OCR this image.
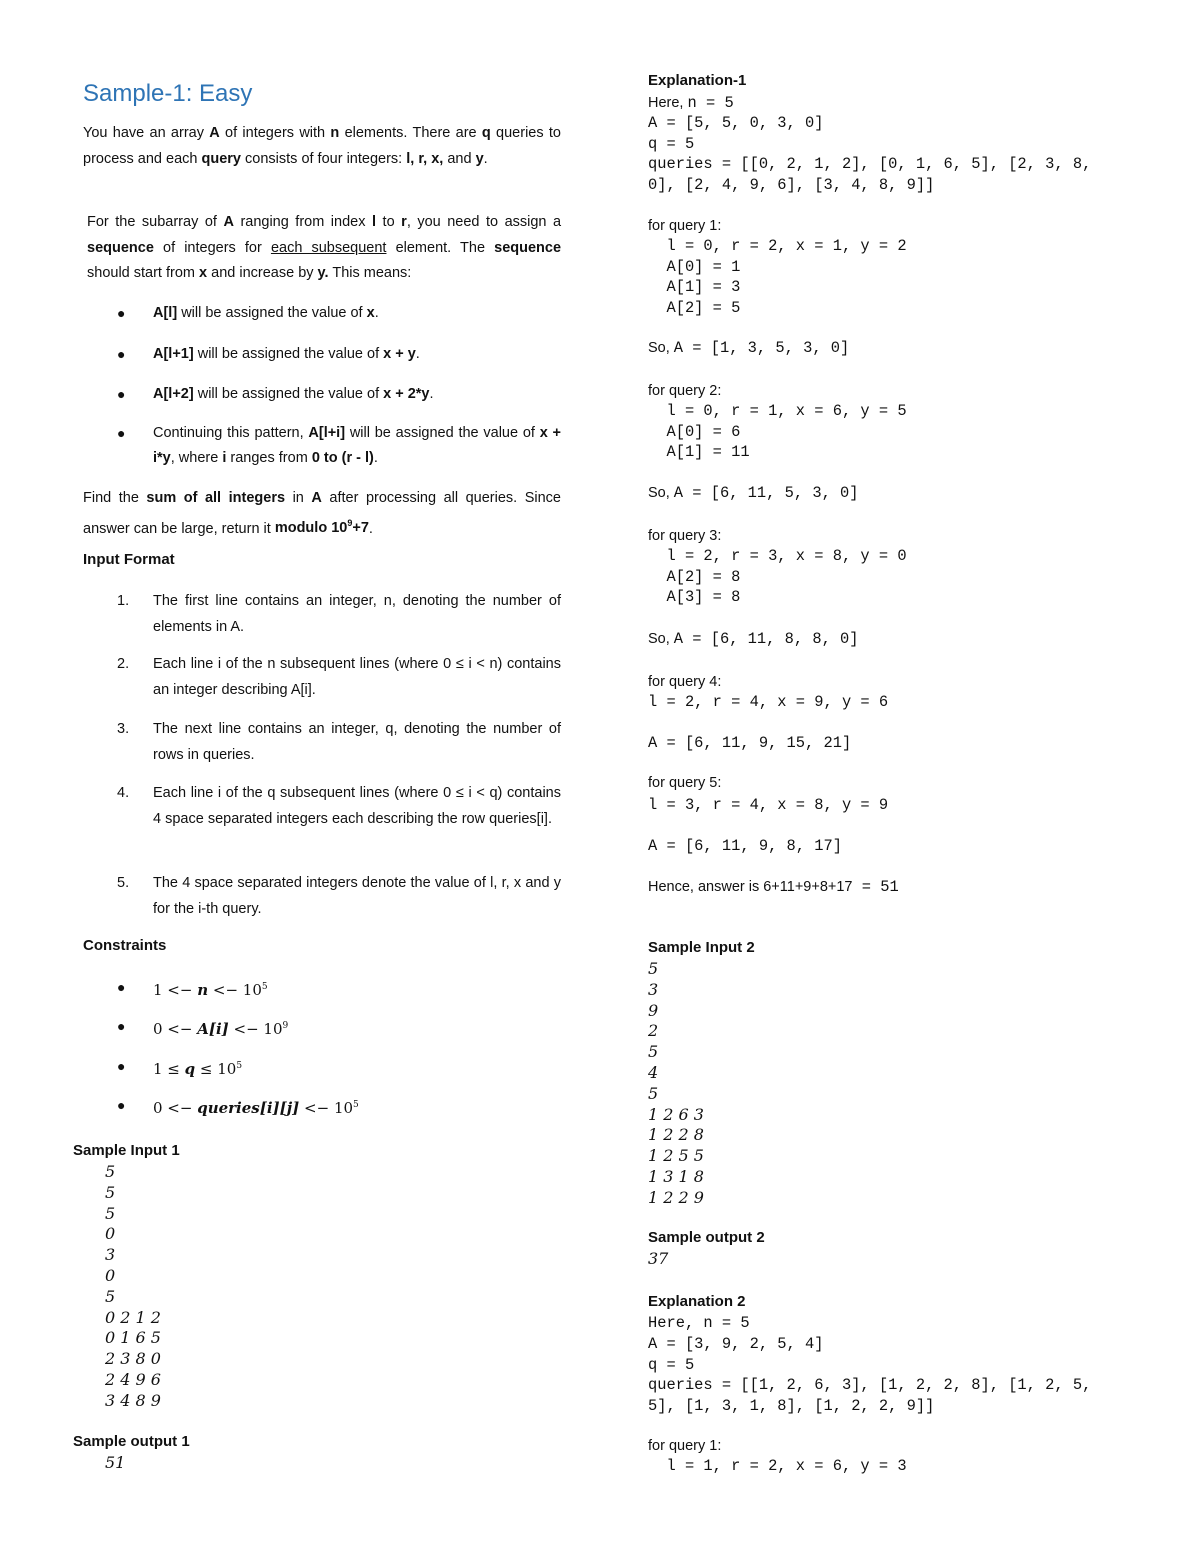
Sample-1: Easy
You have an array A of integers with n elements. There are q queries to process and each query consists of four integers: l, r, x, and y.
For the subarray of A ranging from index l to r, you need to assign a sequence of integers for each subsequent element. The sequence should start from x and increase by y. This means:
● A[l] will be assigned the value of x.
● A[l+1] will be assigned the value of x + y.
● A[l+2] will be assigned the value of x + 2*y.
● Continuing this pattern, A[l+i] will be assigned the value of x + i*y, where i ranges from 0 to (r - l).
Find the sum of all integers in A after processing all queries. Since answer can be large, return it modulo $10^9+7$.
Input Format
1. The first line contains an integer, n, denoting the number of elements in A.
2. Each line i of the n subsequent lines (where 0 ≤ i < n) contains an integer describing A[i].
3. The next line contains an integer, q, denoting the number of rows in queries.
4. Each line i of the q subsequent lines (where 0 ≤ i < q) contains 4 space separated integers each describing the row queries[i].
5. The 4 space separated integers denote the value of l, r, x and y for the i-th query.
Constraints
● $1 <- n <- 10^5$
● $0 <- A[i] <- 10^9$
● $1 \le q \le 10^5$
● 0 <− queries[i][j] <− $10^5$
Sample Input 1
5
5
5
0
3
0
5
0 2 1 2
0 1 6 5
2 3 8 0
2 4 9 6
3 4 8 9
Sample output 1
51
Explanation-1
Here, n = 5
A = [5, 5, 0, 3, 0]
q = 5
queries = [[0, 2, 1, 2], [0, 1, 6, 5], [2, 3, 8,
0], [2, 4, 9, 6], [3, 4, 8, 9]]
for query 1:
l = 0, r = 2, x = 1, y = 2
A[0] = 1
A[1] = 3
A[2] = 5
So, A = [1, 3, 5, 3, 0]
for query 2:
l = 0, r = 1, x = 6, y = 5
A[0] = 6
A[1] = 11
So, A = [6, 11, 5, 3, 0]
for query 3:
l = 2, r = 3, x = 8, y = 0
A[2] = 8
A[3] = 8
So, A = [6, 11, 8, 8, 0]
for query 4:
l = 2, r = 4, x = 9, y = 6

A = [6, 11, 9, 15, 21]
for query 5:
l = 3, r = 4, x = 8, y = 9

A = [6, 11, 9, 8, 17]
Hence, answer is 6+11+9+8+17 = 51
Sample Input 2
5
3
9
2
5
4
5
1 2 6 3
1 2 2 8
1 2 5 5
1 3 1 8
1 2 2 9
Sample output 2
37
Explanation 2
Here, n = 5
A = [3, 9, 2, 5, 4]
q = 5
queries = [[1, 2, 6, 3], [1, 2, 2, 8], [1, 2, 5,
5], [1, 3, 1, 8], [1, 2, 2, 9]]
for query 1:
l = 1, r = 2, x = 6, y = 3
